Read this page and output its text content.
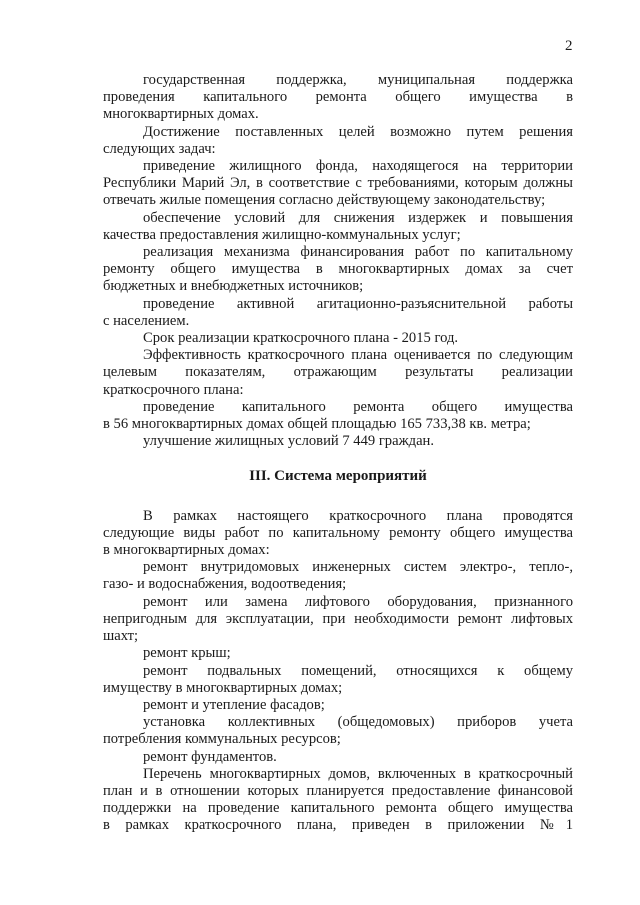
2

государственная поддержка, муниципальная поддержка

проведения капитального ремонта общего имущества в

многоквартирных домах.

Достижение поставленных целей возможно путем решения

следующих задач:

приведение жилищного фонда, находящегося на территории

Республики Марий Эл, в соответствие с требованиями, которым должны

отвечать жилые помещения согласно действующему законодательству;

обеспечение условий для снижения издержек и повышения

качества предоставления жилищно-коммунальных услуг;

реализация механизма финансирования работ по капитальному

ремонту общего имущества в многоквартирных домах за счет

бюджетных и внебюджетных источников;

проведение активной агитационно-разъяснительной работы

с населением.

Срок реализации краткосрочного плана - 2015 год.

Эффективность краткосрочного плана оценивается по следующим

целевым показателям, отражающим результаты реализации

краткосрочного плана:

проведение капитального ремонта общего имущества

в 56 многоквартирных домах общей площадью 165 733,38 кв. метра;

улучшение жилищных условий 7 449 граждан.

III. Система мероприятий

В рамках настоящего краткосрочного плана проводятся

следующие виды работ по капитальному ремонту общего имущества

в многоквартирных домах:

ремонт внутридомовых инженерных систем электро-, тепло-,

газо- и водоснабжения, водоотведения;

ремонт или замена лифтового оборудования, признанного

непригодным для эксплуатации, при необходимости ремонт лифтовых

шахт;

ремонт крыш;

ремонт подвальных помещений, относящихся к общему

имуществу в многоквартирных домах;

ремонт и утепление фасадов;

установка коллективных (общедомовых) приборов учета

потребления коммунальных ресурсов;

ремонт фундаментов.

Перечень многоквартирных домов, включенных в краткосрочный

план и в отношении которых планируется предоставление финансовой

поддержки на проведение капитального ремонта общего имущества

в рамках краткосрочного плана, приведен в приложении №1
